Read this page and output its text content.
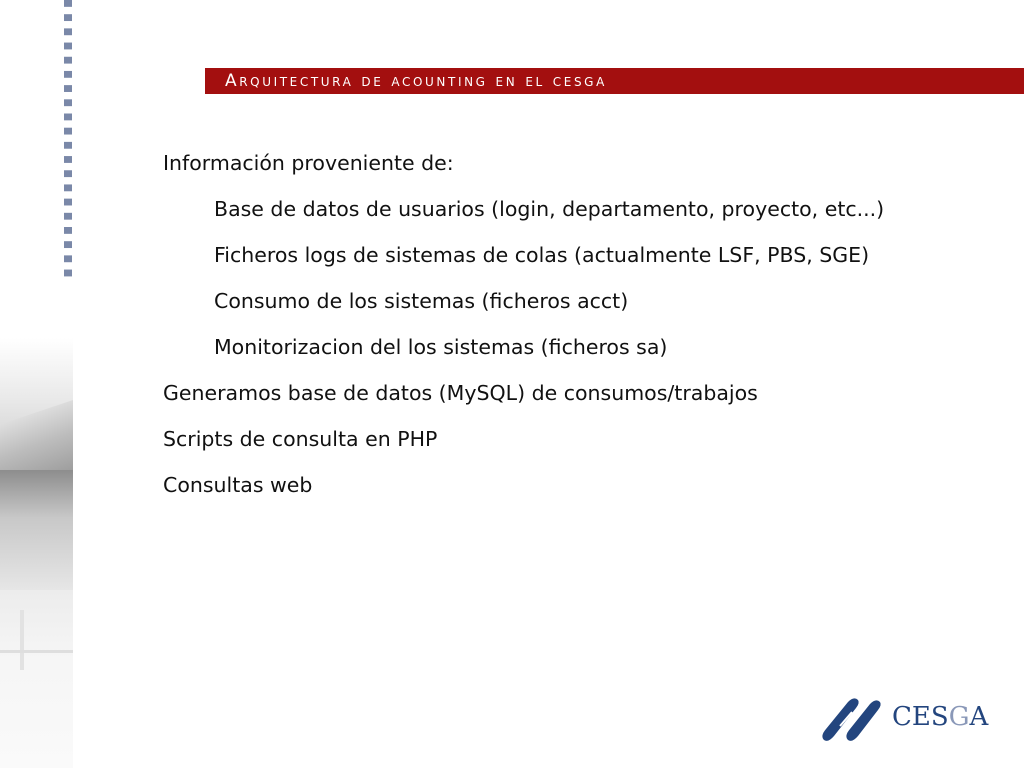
Arquitectura de acounting en el cesga
Información proveniente de:
Base de datos de usuarios (login, departamento, proyecto, etc...)
Ficheros logs de sistemas de colas (actualmente LSF, PBS, SGE)
Consumo de los sistemas (ficheros acct)
Monitorizacion del los sistemas (ficheros sa)
Generamos base de datos (MySQL) de consumos/trabajos
Scripts de consulta en PHP
Consultas web
CESGA
